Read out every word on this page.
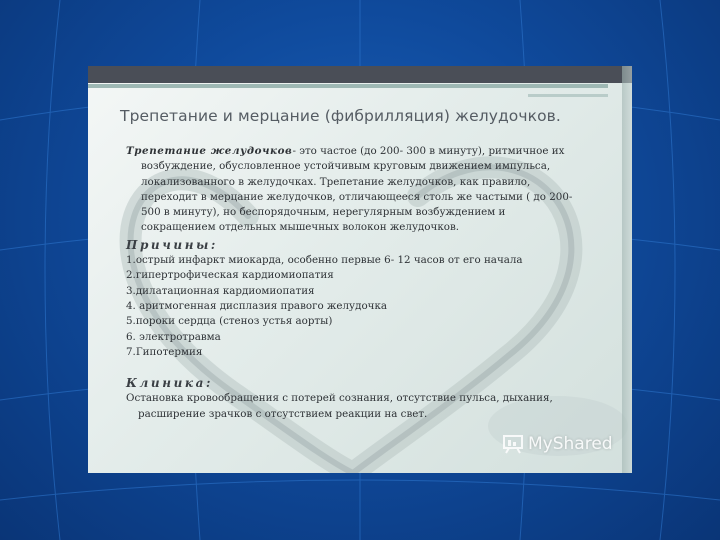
Трепетание и мерцание (фибрилляция) желудочков.

Трепетание желудочков- это частое (до 200- 300 в минуту), ритмичное их
возбуждение, обусловленное устойчивым круговым движением импульса,
локализованного в желудочках. Трепетание желудочков, как правило,
переходит в мерцание желудочков, отличающееся столь же частыми ( до 200-
500 в минуту), но беспорядочным, нерегулярным возбуждением и
сокращением отдельных мышечных волокон желудочков.

Причины:

1.острый инфаркт миокарда, особенно первые 6- 12 часов от его начала
2.гипертрофическая кардиомиопатия
3.дилатационная кардиомиопатия
4. аритмогенная дисплазия правого желудочка
5.пороки сердца (стеноз устья аорты)
6. электротравма
7.Гипотермия

Клиника:

Остановка кровообращения с потерей сознания, отсутствие пульса, дыхания,
расширение зрачков с отсутствием реакции на свет.

MyShared
